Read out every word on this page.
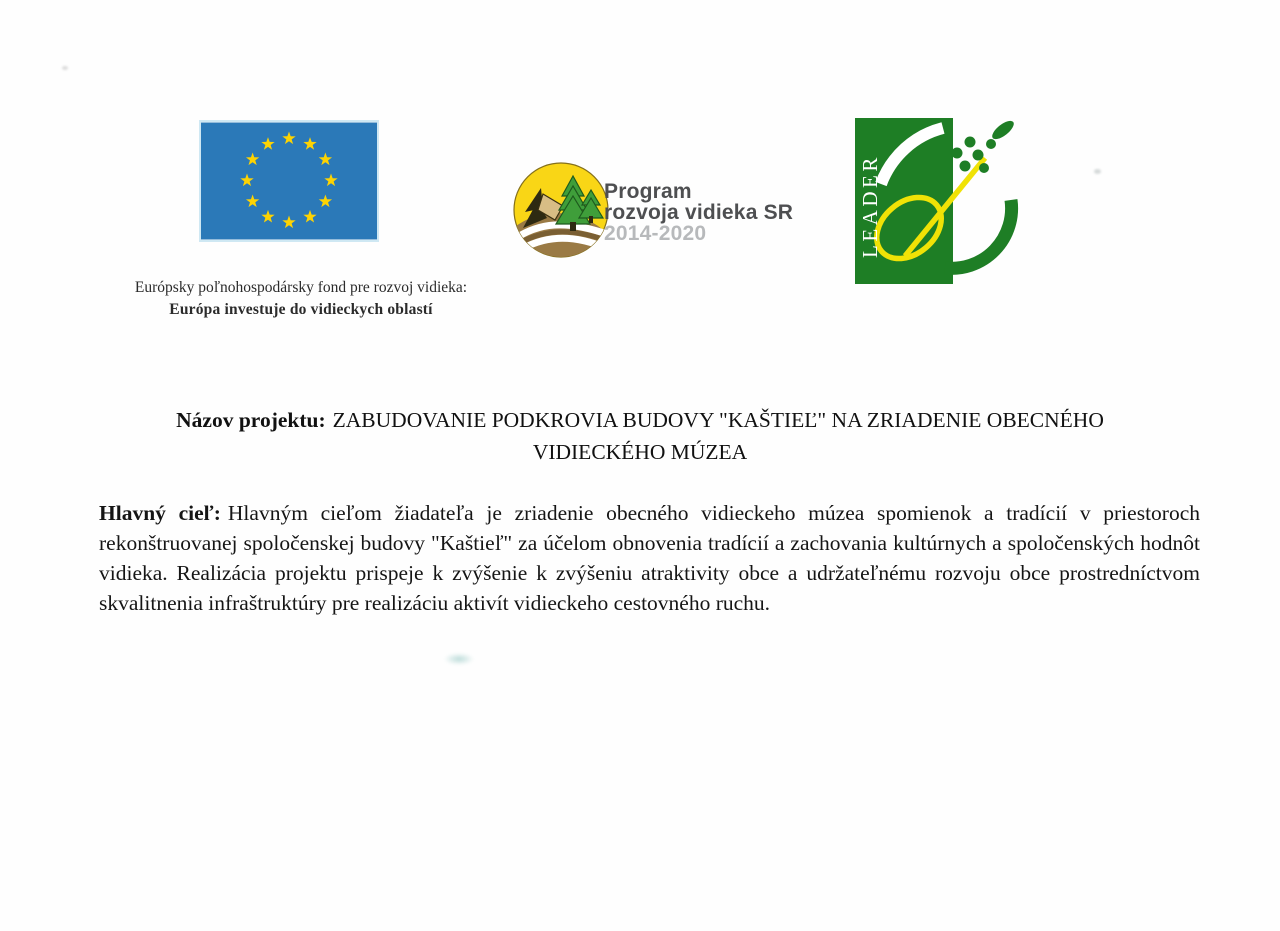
Európsky poľnohospodársky fond pre rozvoj vidieka:
Európa investuje do vidieckych oblastí
Program
rozvoja vidieka SR
2014-2020	LEADER
Názov projektu: ZABUDOVANIE PODKROVIA BUDOVY "KAŠTIEĽ" NA ZRIADENIE OBECNÉHO
VIDIECKÉHO MÚZEA

Hlavný cieľ: Hlavným cieľom žiadateľa je zriadenie obecného vidieckeho múzea spomienok a tradícií v priestoroch rekonštruovanej spoločenskej budovy "Kaštieľ" za účelom obnovenia tradícií a zachovania kultúrnych a spoločenských hodnôt vidieka. Realizácia projektu prispeje k zvýšenie k zvýšeniu atraktivity obce a udržateľnému rozvoju obce prostredníctvom skvalitnenia infraštruktúry pre realizáciu aktivít vidieckeho cestovného ruchu.
